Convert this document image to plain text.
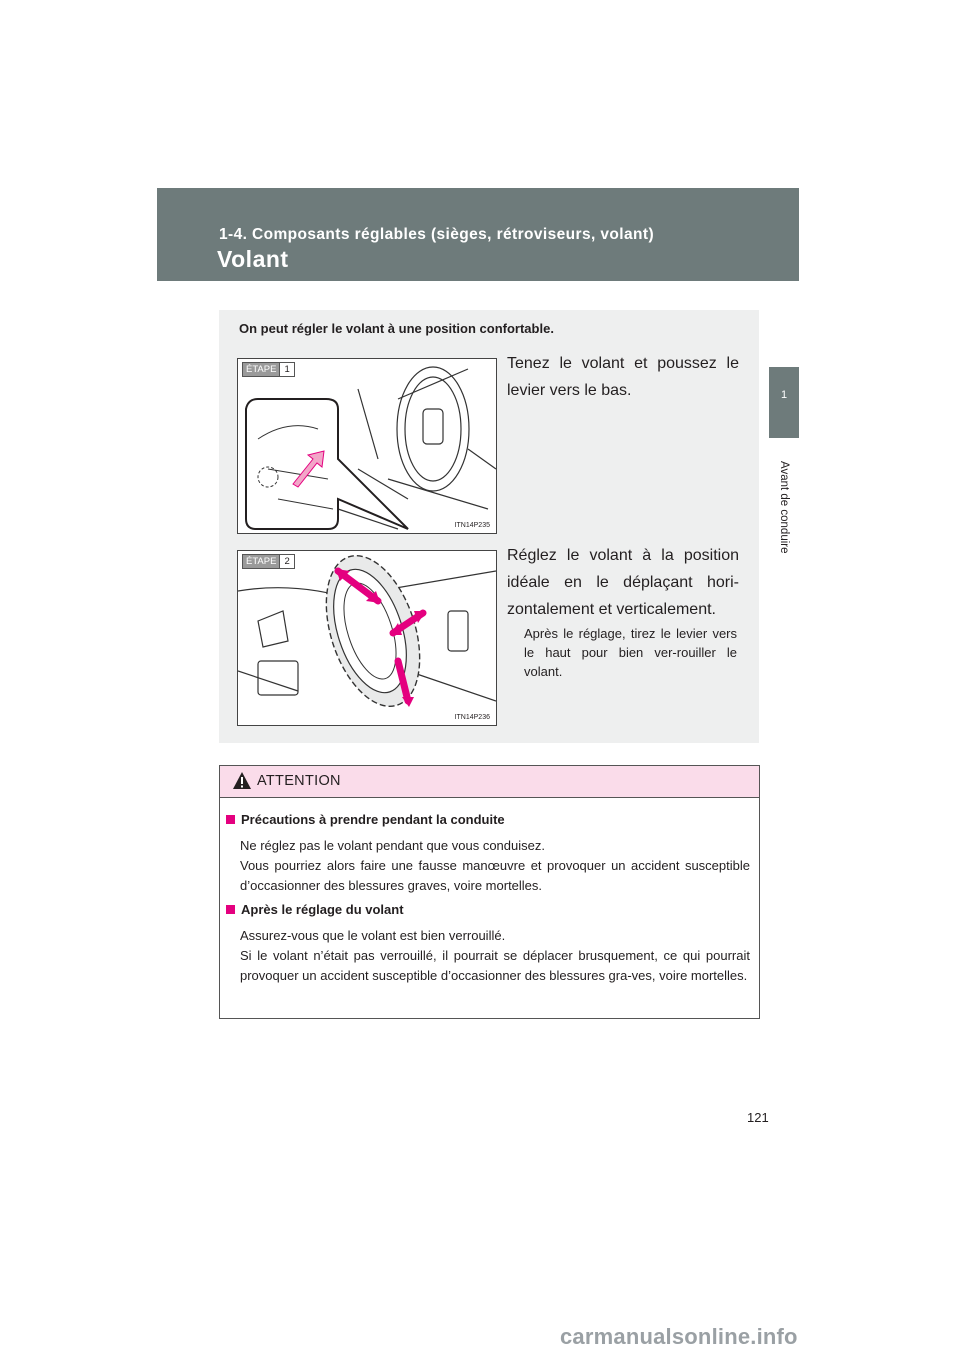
1-4. Composants réglables (sièges, rétroviseurs, volant)
Volant
1
Avant de conduire
On peut régler le volant à une position confortable.
ÉTAPE 1
ITN14P235
Tenez le volant et poussez le levier vers le bas.
ÉTAPE 2
ITN14P236
Réglez le volant à la position idéale en le déplaçant hori-zontalement et verticalement.
Après le réglage, tirez le levier vers le haut pour bien ver-rouiller le volant.
ATTENTION
Précautions à prendre pendant la conduite

Ne réglez pas le volant pendant que vous conduisez.

Vous pourriez alors faire une fausse manœuvre et provoquer un accident susceptible d’occasionner des blessures graves, voire mortelles.

Après le réglage du volant

Assurez-vous que le volant est bien verrouillé.

Si le volant n’était pas verrouillé, il pourrait se déplacer brusquement, ce qui pourrait provoquer un accident susceptible d’occasionner des blessures gra-ves, voire mortelles.

121
carmanualsonline.info
